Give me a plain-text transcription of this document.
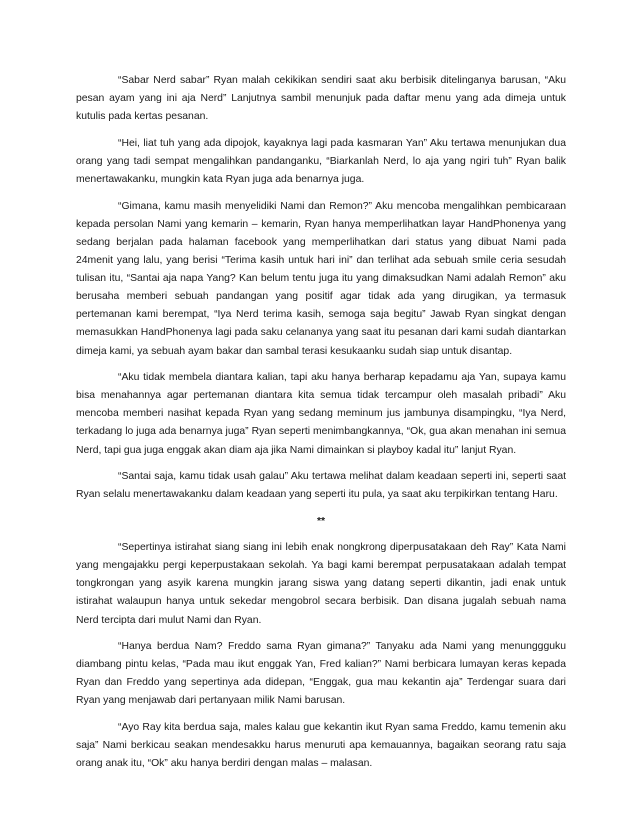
“Sabar Nerd sabar” Ryan malah cekikikan sendiri saat aku berbisik ditelinganya barusan, “Aku pesan ayam yang ini aja Nerd” Lanjutnya sambil menunjuk pada daftar menu yang ada dimeja untuk kutulis pada kertas pesanan.

“Hei, liat tuh yang ada dipojok, kayaknya lagi pada kasmaran Yan” Aku tertawa menunjukan dua orang yang tadi sempat mengalihkan pandanganku, “Biarkanlah Nerd, lo aja yang ngiri tuh” Ryan balik menertawakanku, mungkin kata Ryan juga ada benarnya juga.

“Gimana, kamu masih menyelidiki Nami dan Remon?” Aku mencoba mengalihkan pembicaraan kepada persolan Nami yang kemarin – kemarin, Ryan hanya memperlihatkan layar HandPhonenya yang sedang berjalan pada halaman facebook yang memperlihatkan dari status yang dibuat Nami pada 24menit yang lalu, yang berisi “Terima kasih untuk hari ini” dan terlihat ada sebuah smile ceria sesudah tulisan itu, “Santai aja napa Yang? Kan belum tentu juga itu yang dimaksudkan Nami adalah Remon” aku berusaha memberi sebuah pandangan yang positif agar tidak ada yang dirugikan, ya termasuk pertemanan kami berempat, “Iya Nerd terima kasih, semoga saja begitu” Jawab Ryan singkat dengan memasukkan HandPhonenya lagi pada saku celananya yang saat itu pesanan dari kami sudah diantarkan dimeja kami, ya sebuah ayam bakar dan sambal terasi kesukaanku sudah siap untuk disantap.

“Aku tidak membela diantara kalian, tapi aku hanya berharap kepadamu aja Yan, supaya kamu bisa menahannya agar pertemanan diantara kita semua tidak tercampur oleh masalah pribadi” Aku mencoba memberi nasihat kepada Ryan yang sedang meminum jus jambunya disampingku, “Iya Nerd, terkadang lo juga ada benarnya juga” Ryan seperti menimbangkannya, “Ok, gua akan menahan ini semua Nerd, tapi gua juga enggak akan diam aja jika Nami dimainkan si playboy kadal itu” lanjut Ryan.

“Santai saja, kamu tidak usah galau” Aku tertawa melihat dalam keadaan seperti ini, seperti saat Ryan selalu menertawakanku dalam keadaan yang seperti itu pula, ya saat aku terpikirkan tentang Haru.

**

“Sepertinya istirahat siang siang ini lebih enak nongkrong diperpusatakaan deh Ray” Kata Nami yang mengajakku pergi keperpustakaan sekolah. Ya bagi kami berempat perpusatakaan adalah tempat tongkrongan yang asyik karena mungkin jarang siswa yang datang seperti dikantin, jadi enak untuk istirahat walaupun hanya untuk sekedar mengobrol secara berbisik. Dan disana jugalah sebuah nama Nerd tercipta dari mulut Nami dan Ryan.

“Hanya berdua Nam? Freddo sama Ryan gimana?” Tanyaku ada Nami yang menunggguku diambang pintu kelas, “Pada mau ikut enggak Yan, Fred kalian?” Nami berbicara lumayan keras kepada Ryan dan Freddo yang sepertinya ada didepan, “Enggak, gua mau kekantin aja” Terdengar suara dari Ryan yang menjawab dari pertanyaan milik Nami barusan.

“Ayo Ray kita berdua saja, males kalau gue kekantin ikut Ryan sama Freddo, kamu temenin aku saja” Nami berkicau seakan mendesakku harus menuruti apa kemauannya, bagaikan seorang ratu saja orang anak itu, “Ok” aku hanya berdiri dengan malas – malasan.
